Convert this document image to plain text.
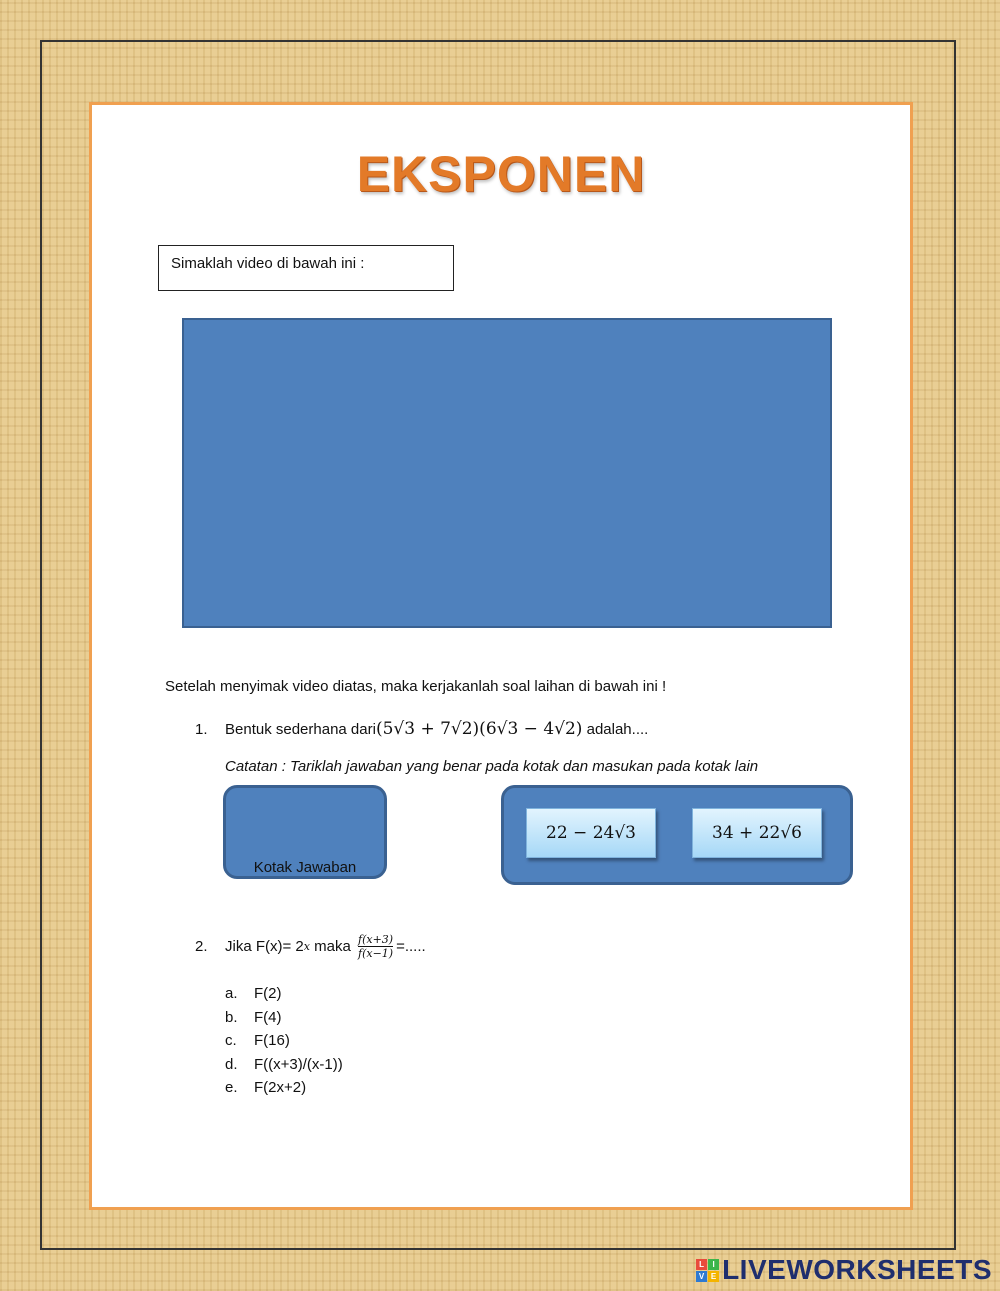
EKSPONEN
Simaklah video di bawah ini :
Setelah menyimak video diatas, maka kerjakanlah soal laihan di bawah ini !
1. Bentuk sederhana dari(5√3 + 7√2)(6√3 − 4√2) adalah....
Catatan : Tariklah jawaban yang benar pada kotak dan masukan pada kotak lain
Kotak Jawaban
22 − 24√3	34 + 22√6
2.	Jika F(x)= 2 x maka $\frac{f(x+3)}{f(x-1)}$ =.....
a.	F(2)
b.	F(4)
c.	F(16)
d.	F((x+3)/(x-1))
e.	F(2x+2)
L	I
V E LIVEWORKSHEETS
